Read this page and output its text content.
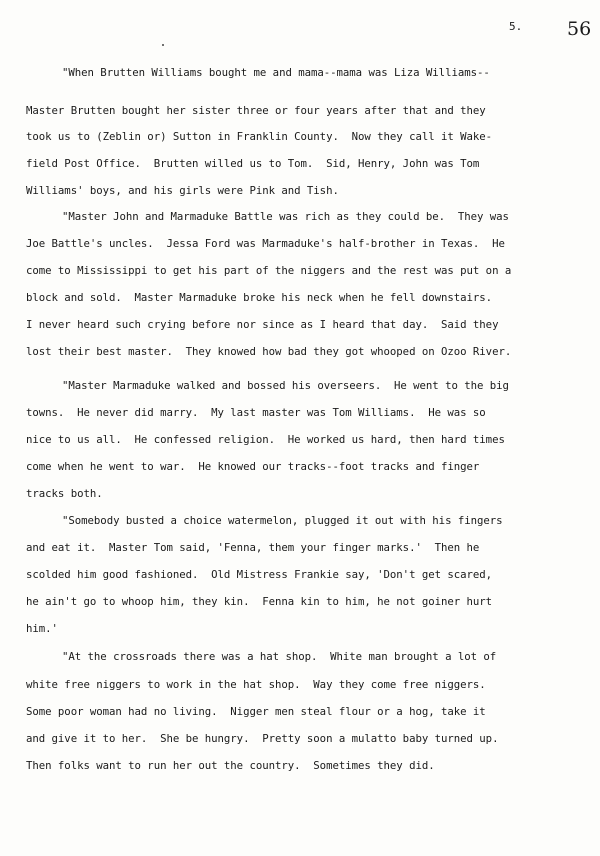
5. 56
"When Brutten Williams bought me and mama--mama was Liza Williams--
Master Brutten bought her sister three or four years after that and they
took us to (Zeblin or) Sutton in Franklin County.  Now they call it Wake-
field Post Office.  Brutten willed us to Tom.  Sid, Henry, John was Tom
Williams' boys, and his girls were Pink and Tish.
"Master John and Marmaduke Battle was rich as they could be.  They was
Joe Battle's uncles.  Jessa Ford was Marmaduke's half-brother in Texas.  He
come to Mississippi to get his part of the niggers and the rest was put on a
block and sold.  Master Marmaduke broke his neck when he fell downstairs.
I never heard such crying before nor since as I heard that day.  Said they
lost their best master.  They knowed how bad they got whooped on Ozoo River.
"Master Marmaduke walked and bossed his overseers.  He went to the big
towns.  He never did marry.  My last master was Tom Williams.  He was so
nice to us all.  He confessed religion.  He worked us hard, then hard times
come when he went to war.  He knowed our tracks--foot tracks and finger
tracks both.
"Somebody busted a choice watermelon, plugged it out with his fingers
and eat it.  Master Tom said, 'Fenna, them your finger marks.'  Then he
scolded him good fashioned.  Old Mistress Frankie say, 'Don't get scared,
he ain't go to whoop him, they kin.  Fenna kin to him, he not goiner hurt
him.'
"At the crossroads there was a hat shop.  White man brought a lot of
white free niggers to work in the hat shop.  Way they come free niggers.
Some poor woman had no living.  Nigger men steal flour or a hog, take it
and give it to her.  She be hungry.  Pretty soon a mulatto baby turned up.
Then folks want to run her out the country.  Sometimes they did.
